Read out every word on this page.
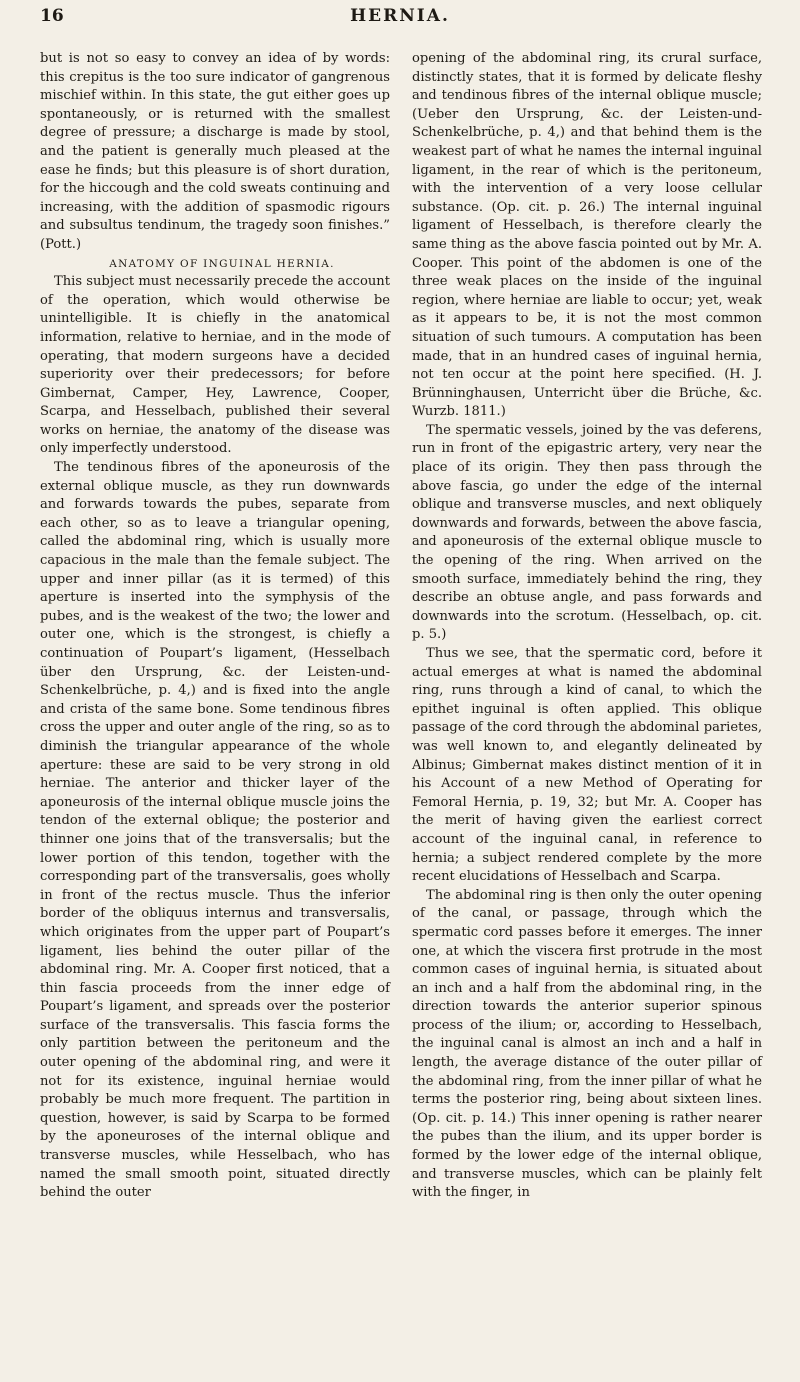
16	HERNIA.

but is not so easy to convey an idea of by words: this crepitus is the too sure indicator of gangrenous mischief within. In this state, the gut either goes up spontaneously, or is returned with the smallest degree of pressure; a discharge is made by stool, and the patient is generally much pleased at the ease he finds; but this pleasure is of short duration, for the hiccough and the cold sweats continuing and increasing, with the addition of spasmodic rigours and subsultus tendinum, the tragedy soon finishes.” (Pott.)

ANATOMY OF INGUINAL HERNIA.

This subject must necessarily precede the account of the operation, which would otherwise be unintelligible. It is chiefly in the anatomical information, relative to herniae, and in the mode of operating, that modern surgeons have a decided superiority over their predecessors; for before Gimbernat, Camper, Hey, Lawrence, Cooper, Scarpa, and Hesselbach, published their several works on herniae, the anatomy of the disease was only imperfectly understood.

The tendinous fibres of the aponeurosis of the external oblique muscle, as they run downwards and forwards towards the pubes, separate from each other, so as to leave a triangular opening, called the abdominal ring, which is usually more capacious in the male than the female subject. The upper and inner pillar (as it is termed) of this aperture is inserted into the symphysis of the pubes, and is the weakest of the two; the lower and outer one, which is the strongest, is chiefly a continuation of Poupart’s ligament, (Hesselbach über den Ursprung, &c. der Leisten-und-Schenkelbrüche, p. 4,) and is fixed into the angle and crista of the same bone. Some tendinous fibres cross the upper and outer angle of the ring, so as to diminish the triangular appearance of the whole aperture: these are said to be very strong in old herniae. The anterior and thicker layer of the aponeurosis of the internal oblique muscle joins the tendon of the external oblique; the posterior and thinner one joins that of the transversalis; but the lower portion of this tendon, together with the corresponding part of the transversalis, goes wholly in front of the rectus muscle. Thus the inferior border of the obliquus internus and transversalis, which originates from the upper part of Poupart’s ligament, lies behind the outer pillar of the abdominal ring. Mr. A. Cooper first noticed, that a thin fascia proceeds from the inner edge of Poupart’s ligament, and spreads over the posterior surface of the transversalis. This fascia forms the only partition between the peritoneum and the outer opening of the abdominal ring, and were it not for its existence, inguinal herniae would probably be much more frequent. The partition in question, however, is said by Scarpa to be formed by the aponeuroses of the internal oblique and transverse muscles, while Hesselbach, who has named the small smooth point, situated directly behind the outer

opening of the abdominal ring, its crural surface, distinctly states, that it is formed by delicate fleshy and tendinous fibres of the internal oblique muscle; (Ueber den Ursprung, &c. der Leisten-und-Schenkelbrüche, p. 4,) and that behind them is the weakest part of what he names the internal inguinal ligament, in the rear of which is the peritoneum, with the intervention of a very loose cellular substance. (Op. cit. p. 26.) The internal inguinal ligament of Hesselbach, is therefore clearly the same thing as the above fascia pointed out by Mr. A. Cooper. This point of the abdomen is one of the three weak places on the inside of the inguinal region, where herniae are liable to occur; yet, weak as it appears to be, it is not the most common situation of such tumours. A computation has been made, that in an hundred cases of inguinal hernia, not ten occur at the point here specified. (H. J. Brünninghausen, Unterricht über die Brüche, &c. Wurzb. 1811.)

The spermatic vessels, joined by the vas deferens, run in front of the epigastric artery, very near the place of its origin. They then pass through the above fascia, go under the edge of the internal oblique and transverse muscles, and next obliquely downwards and forwards, between the above fascia, and aponeurosis of the external oblique muscle to the opening of the ring. When arrived on the smooth surface, immediately behind the ring, they describe an obtuse angle, and pass forwards and downwards into the scrotum. (Hesselbach, op. cit. p. 5.)

Thus we see, that the spermatic cord, before it actual emerges at what is named the abdominal ring, runs through a kind of canal, to which the epithet inguinal is often applied. This oblique passage of the cord through the abdominal parietes, was well known to, and elegantly delineated by Albinus; Gimbernat makes distinct mention of it in his Account of a new Method of Operating for Femoral Hernia, p. 19, 32; but Mr. A. Cooper has the merit of having given the earliest correct account of the inguinal canal, in reference to hernia; a subject rendered complete by the more recent elucidations of Hesselbach and Scarpa.

The abdominal ring is then only the outer opening of the canal, or passage, through which the spermatic cord passes before it emerges. The inner one, at which the viscera first protrude in the most common cases of inguinal hernia, is situated about an inch and a half from the abdominal ring, in the direction towards the anterior superior spinous process of the ilium; or, according to Hesselbach, the inguinal canal is almost an inch and a half in length, the average distance of the outer pillar of the abdominal ring, from the inner pillar of what he terms the posterior ring, being about sixteen lines. (Op. cit. p. 14.) This inner opening is rather nearer the pubes than the ilium, and its upper border is formed by the lower edge of the internal oblique, and transverse muscles, which can be plainly felt with the finger, in
